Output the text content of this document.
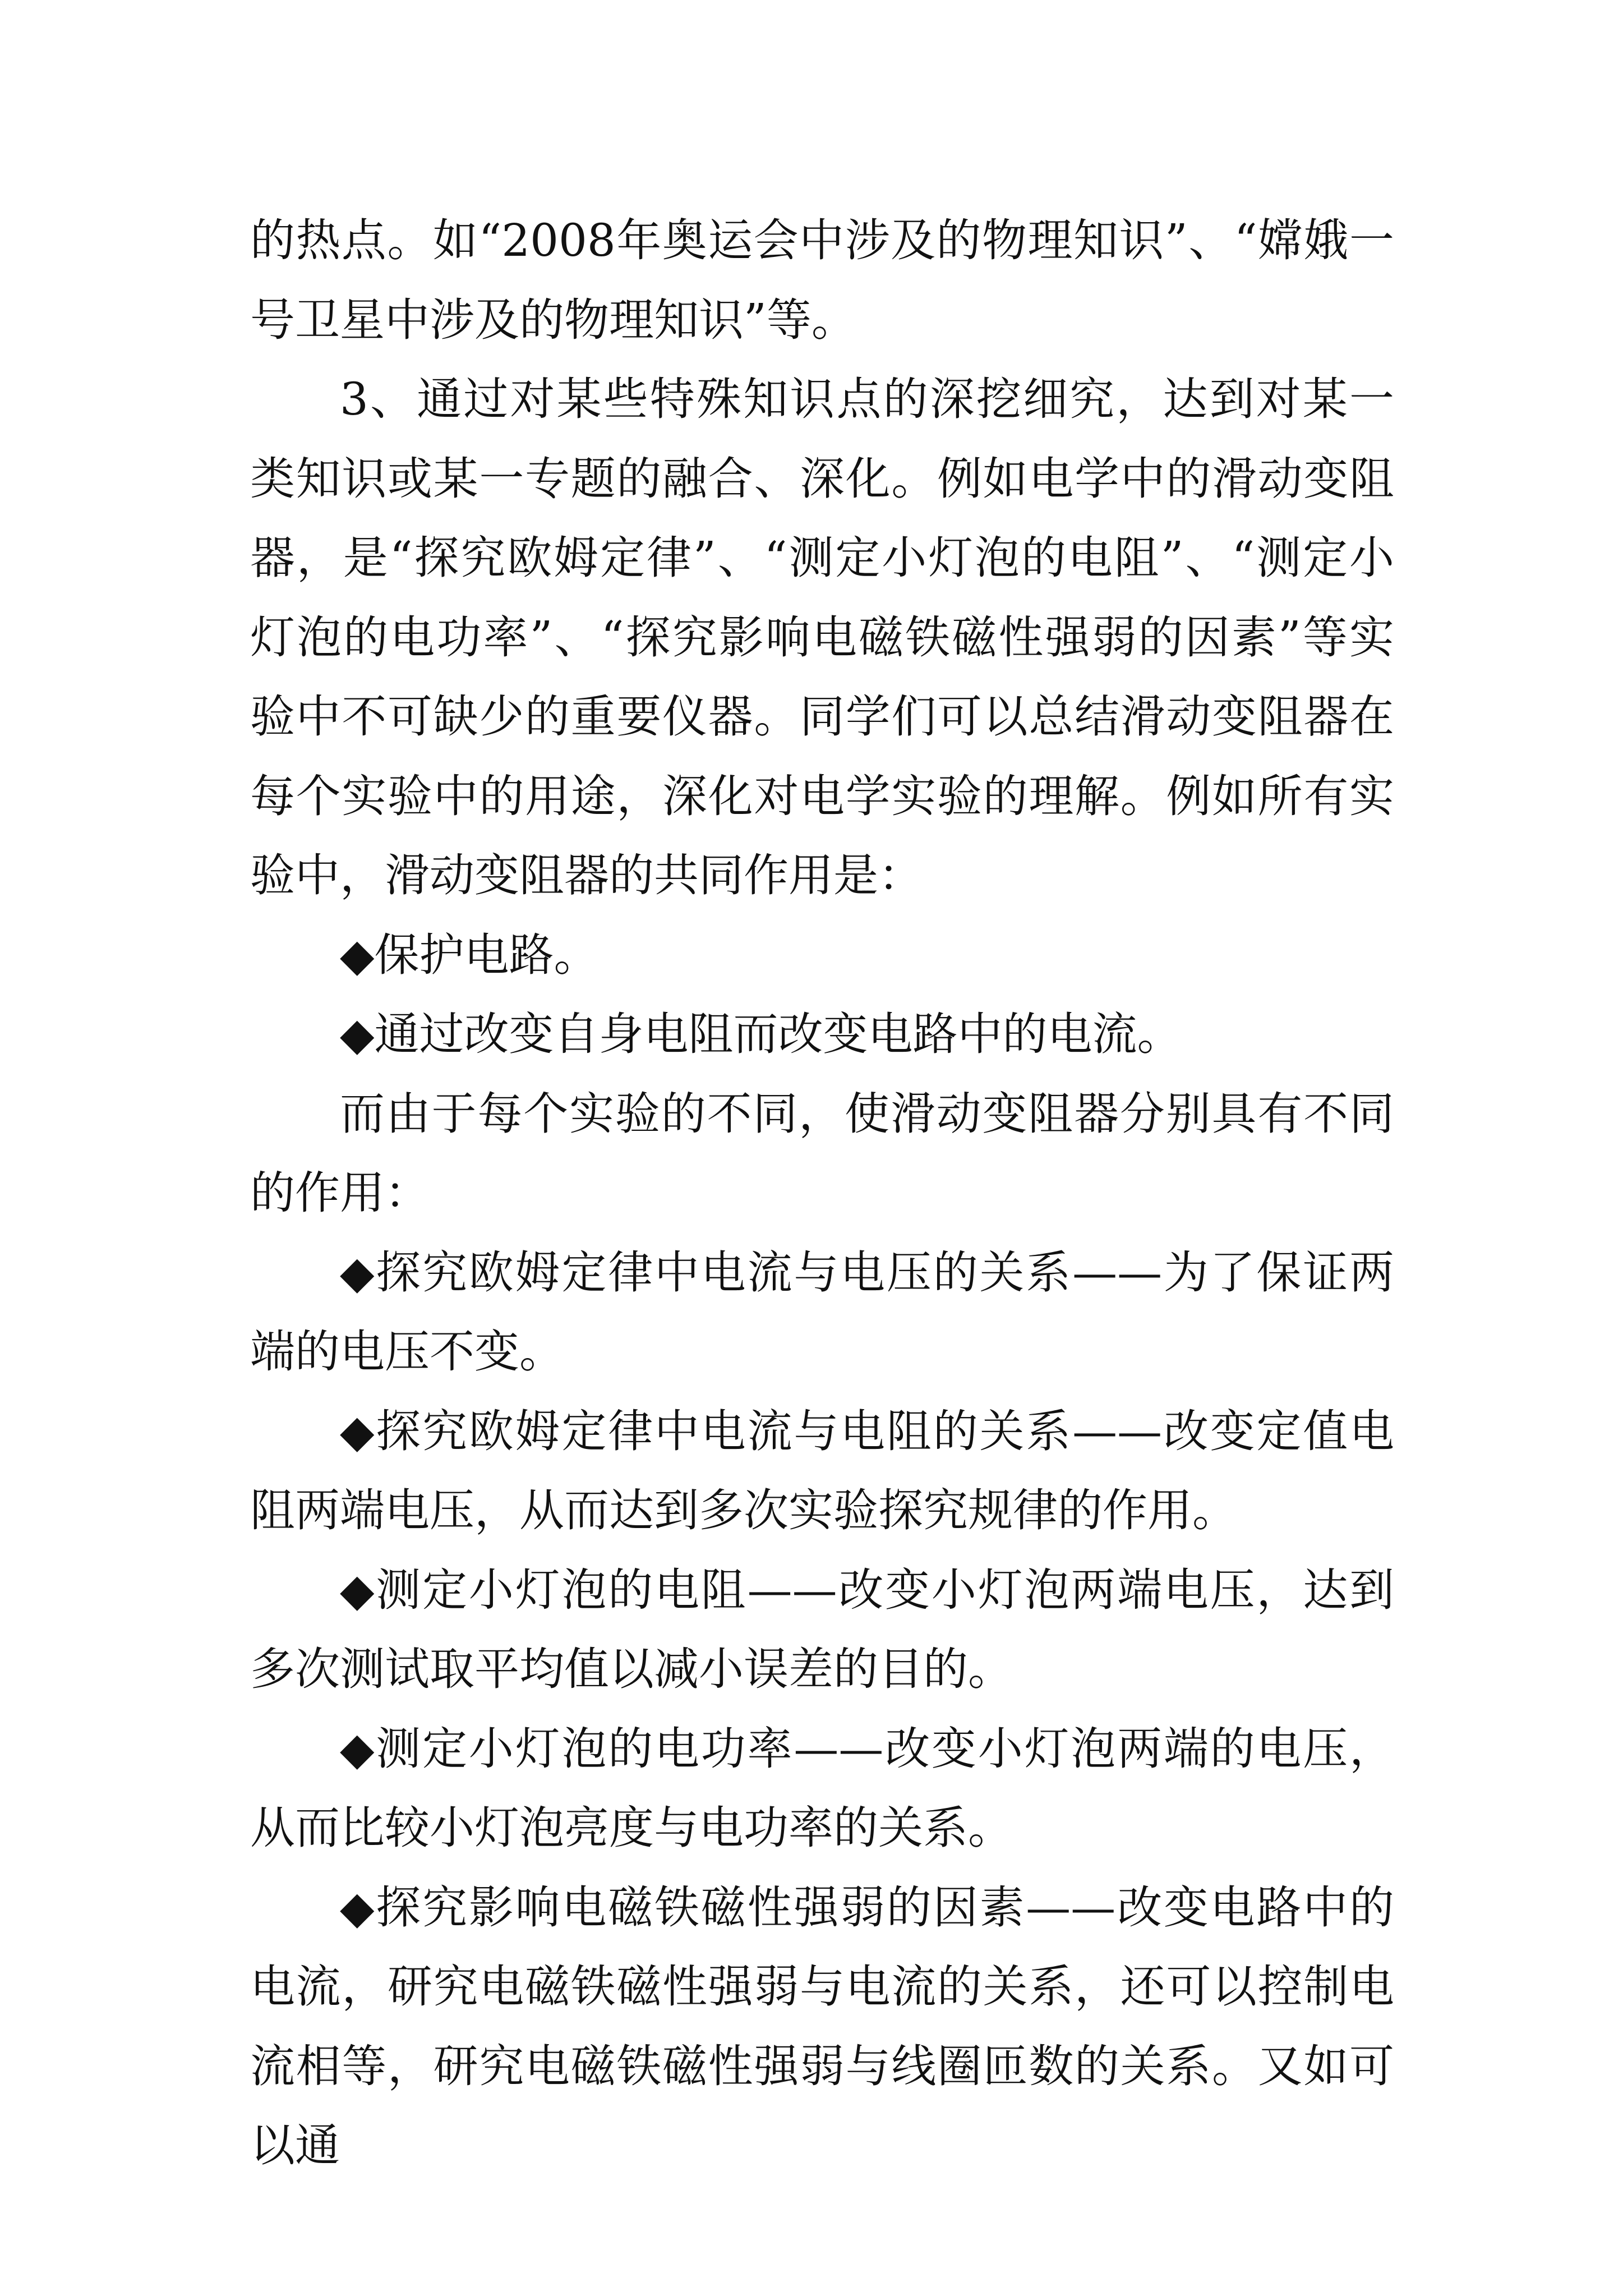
的热点。如“2008年奥运会中涉及的物理知识”、“嫦娥一号卫星中涉及的物理知识”等。

3、通过对某些特殊知识点的深挖细究，达到对某一类知识或某一专题的融合、深化。例如电学中的滑动变阻器，是“探究欧姆定律”、“测定小灯泡的电阻”、“测定小灯泡的电功率”、“探究影响电磁铁磁性强弱的因素”等实验中不可缺少的重要仪器。同学们可以总结滑动变阻器在每个实验中的用途，深化对电学实验的理解。例如所有实验中，滑动变阻器的共同作用是：

◆保护电路。

◆通过改变自身电阻而改变电路中的电流。

而由于每个实验的不同，使滑动变阻器分别具有不同的作用：

◆探究欧姆定律中电流与电压的关系——为了保证两端的电压不变。

◆探究欧姆定律中电流与电阻的关系——改变定值电阻两端电压，从而达到多次实验探究规律的作用。

◆测定小灯泡的电阻——改变小灯泡两端电压，达到多次测试取平均值以减小误差的目的。

◆测定小灯泡的电功率——改变小灯泡两端的电压，从而比较小灯泡亮度与电功率的关系。

◆探究影响电磁铁磁性强弱的因素——改变电路中的电流，研究电磁铁磁性强弱与电流的关系，还可以控制电流相等，研究电磁铁磁性强弱与线圈匝数的关系。又如可以通
